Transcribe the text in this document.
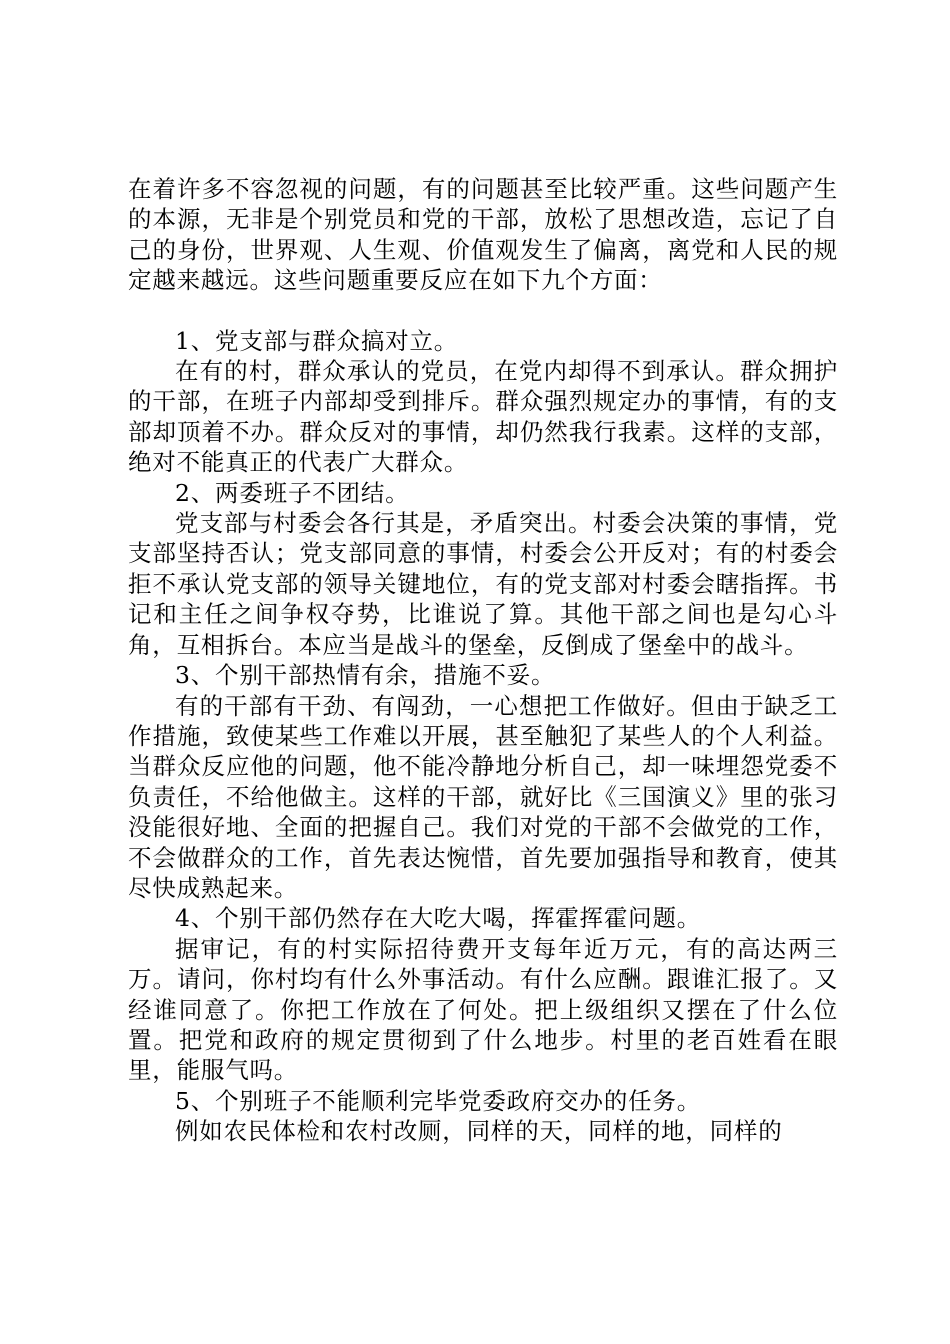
在着许多不容忽视的问题，有的问题甚至比较严重。这些问题产生的本源，无非是个别党员和党的干部，放松了思想改造，忘记了自己的身份，世界观、人生观、价值观发生了偏离，离党和人民的规定越来越远。这些问题重要反应在如下九个方面：

1、党支部与群众搞对立。

在有的村，群众承认的党员，在党内却得不到承认。群众拥护的干部，在班子内部却受到排斥。群众强烈规定办的事情，有的支部却顶着不办。群众反对的事情，却仍然我行我素。这样的支部，绝对不能真正的代表广大群众。

2、两委班子不团结。

党支部与村委会各行其是，矛盾突出。村委会决策的事情，党支部坚持否认；党支部同意的事情，村委会公开反对；有的村委会拒不承认党支部的领导关键地位，有的党支部对村委会瞎指挥。书记和主任之间争权夺势，比谁说了算。其他干部之间也是勾心斗角，互相拆台。本应当是战斗的堡垒，反倒成了堡垒中的战斗。

3、个别干部热情有余，措施不妥。

有的干部有干劲、有闯劲，一心想把工作做好。但由于缺乏工作措施，致使某些工作难以开展，甚至触犯了某些人的个人利益。当群众反应他的问题，他不能冷静地分析自己，却一味埋怨党委不负责任，不给他做主。这样的干部，就好比《三国演义》里的张习没能很好地、全面的把握自己。我们对党的干部不会做党的工作，不会做群众的工作，首先表达惋惜，首先要加强指导和教育，使其尽快成熟起来。

4、个别干部仍然存在大吃大喝，挥霍挥霍问题。

据审记，有的村实际招待费开支每年近万元，有的高达两三万。请问，你村均有什么外事活动。有什么应酬。跟谁汇报了。又经谁同意了。你把工作放在了何处。把上级组织又摆在了什么位置。把党和政府的规定贯彻到了什么地步。村里的老百姓看在眼里，能服气吗。

5、个别班子不能顺利完毕党委政府交办的任务。

例如农民体检和农村改厕，同样的天，同样的地，同样的
